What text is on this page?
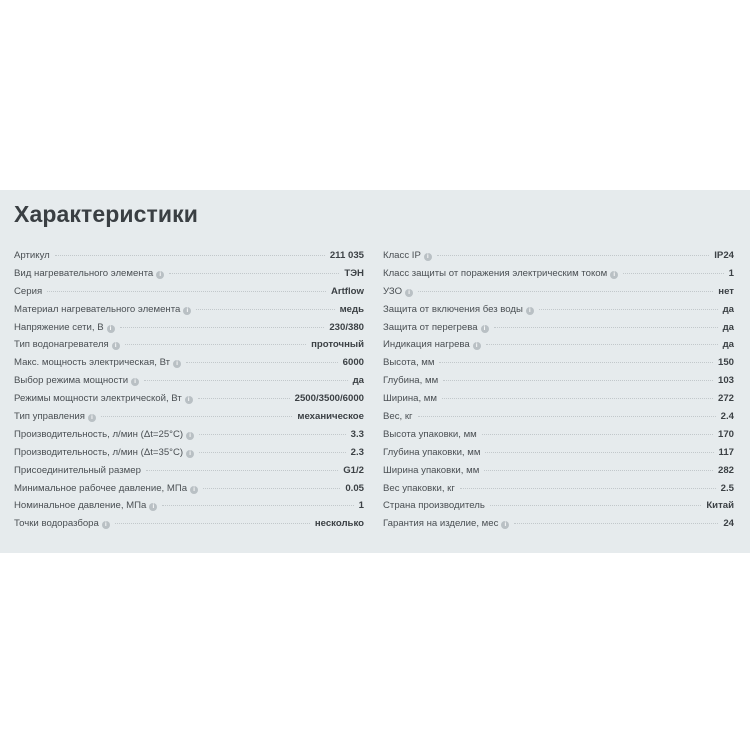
Характеристики
Артикул	211 035
Вид нагревательного элемента	i	ТЭН
Серия	Artflow
Материал нагревательного элемента	i	медь
Напряжение сети, В	i	230/380
Тип водонагревателя	i	проточный
Макс. мощность электрическая, Вт	i	6000
Выбор режима мощности	i	да
Режимы мощности электрической, Вт	i	2500/3500/6000
Тип управления	i	механическое
Производительность, л/мин (Δt=25°C)	i	3.3
Производительность, л/мин (Δt=35°C)	i	2.3
Присоединительный размер	G1/2
Минимальное рабочее давление, МПа	i	0.05
Номинальное давление, МПа	i	1
Точки водоразбора	i	несколько
Класс IP	i	IP24
Класс защиты от поражения электрическим током	i	1
УЗО	i	нет
Защита от включения без воды	i	да
Защита от перегрева	i	да
Индикация нагрева	i	да
Высота, мм	150
Глубина, мм	103
Ширина, мм	272
Вес, кг	2.4
Высота упаковки, мм	170
Глубина упаковки, мм	117
Ширина упаковки, мм	282
Вес упаковки, кг	2.5
Страна производитель	Китай
Гарантия на изделие, мес	i	24
